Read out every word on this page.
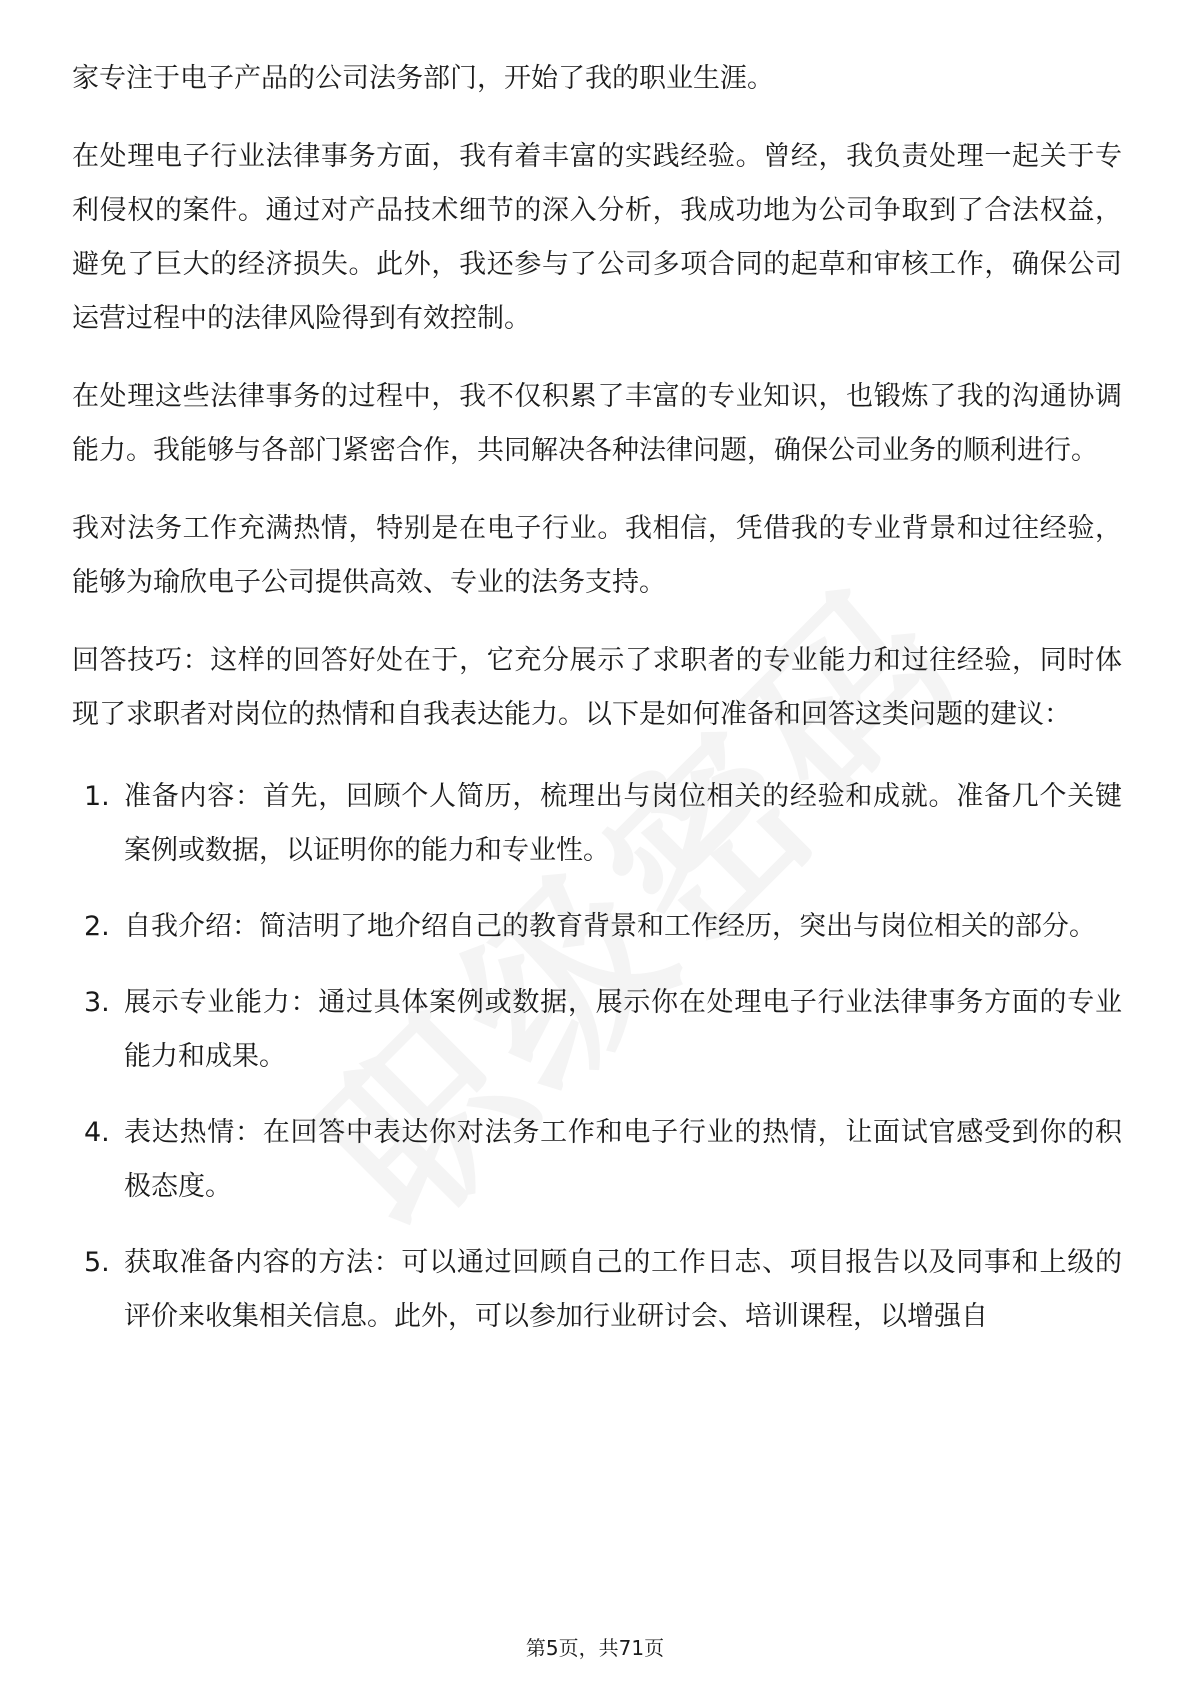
家专注于电子产品的公司法务部门，开始了我的职业生涯。

在处理电子行业法律事务方面，我有着丰富的实践经验。曾经，我负责处理一起关于专利侵权的案件。通过对产品技术细节的深入分析，我成功地为公司争取到了合法权益，避免了巨大的经济损失。此外，我还参与了公司多项合同的起草和审核工作，确保公司运营过程中的法律风险得到有效控制。

在处理这些法律事务的过程中，我不仅积累了丰富的专业知识，也锻炼了我的沟通协调能力。我能够与各部门紧密合作，共同解决各种法律问题，确保公司业务的顺利进行。

我对法务工作充满热情，特别是在电子行业。我相信，凭借我的专业背景和过往经验，能够为瑜欣电子公司提供高效、专业的法务支持。

回答技巧：这样的回答好处在于，它充分展示了求职者的专业能力和过往经验，同时体现了求职者对岗位的热情和自我表达能力。以下是如何准备和回答这类问题的建议：

1. 准备内容：首先，回顾个人简历，梳理出与岗位相关的经验和成就。准备几个关键案例或数据，以证明你的能力和专业性。
2. 自我介绍：简洁明了地介绍自己的教育背景和工作经历，突出与岗位相关的部分。
3. 展示专业能力：通过具体案例或数据，展示你在处理电子行业法律事务方面的专业能力和成果。
4. 表达热情：在回答中表达你对法务工作和电子行业的热情，让面试官感受到你的积极态度。
5. 获取准备内容的方法：可以通过回顾自己的工作日志、项目报告以及同事和上级的评价来收集相关信息。此外，可以参加行业研讨会、培训课程，以增强自
第5页，共71页
